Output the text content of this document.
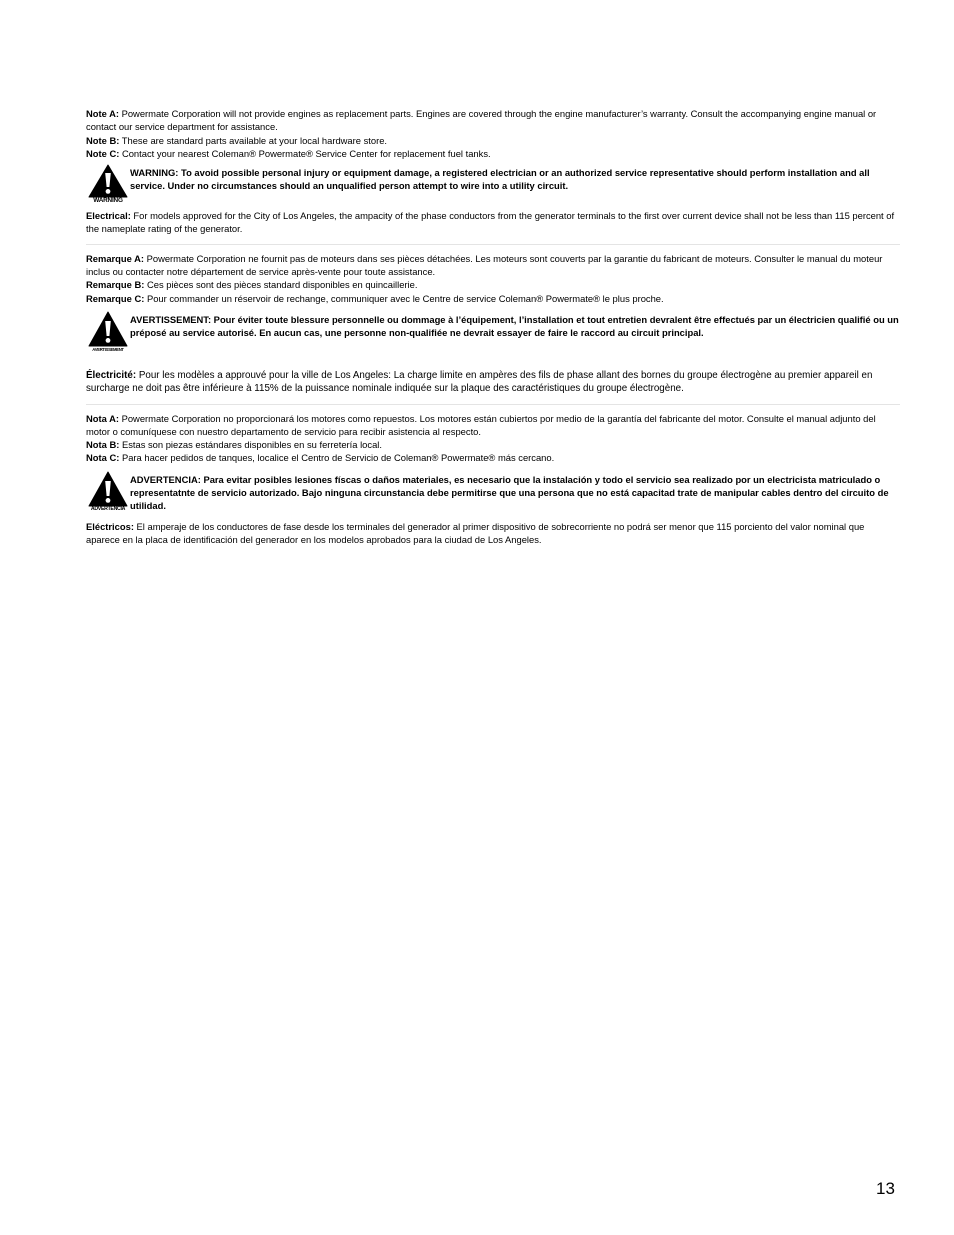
Note A: Powermate Corporation will not provide engines as replacement parts. Engines are covered through the engine manufacturer’s warranty. Consult the accompanying engine manual or contact our service department for assistance.

Note B: These are standard parts available at your local hardware store.

Note C: Contact your nearest Coleman® Powermate® Service Center for replacement fuel tanks.

WARNING
WARNING: To avoid possible personal injury or equipment damage, a registered electrician or an authorized service representative should perform installation and all service. Under no circumstances should an unqualified person attempt to wire into a utility circuit.

Electrical: For models approved for the City of Los Angeles, the ampacity of the phase conductors from the generator terminals to the first over current device shall not be less than 115 percent of the nameplate rating of the generator.

Remarque A: Powermate Corporation ne fournit pas de moteurs dans ses pièces détachées. Les moteurs sont couverts par la garantie du fabricant de moteurs. Consulter le manual du moteur inclus ou contacter notre département de service après-vente pour toute assistance.

Remarque B: Ces pièces sont des pièces standard disponibles en quincaillerie.

Remarque C: Pour commander un réservoir de rechange, communiquer avec le Centre de service Coleman® Powermate® le plus proche.

AVERTISSEMENT
AVERTISSEMENT: Pour éviter toute blessure personnelle ou dommage à l’équipement, l’installation et tout entretien devralent être effectués par un électricien qualifié ou un préposé au service autorisé. En aucun cas, une personne non-qualifiée ne devrait essayer de faire le raccord au circuit principal.

Électricité: Pour les modèles a approuvé pour la ville de Los Angeles: La charge limite en ampères des fils de phase allant des bornes du groupe électrogène au premier appareil en surcharge ne doit pas être inférieure à 115% de la puissance nominale indiquée sur la plaque des caractéristiques du groupe électrogène.

Nota A: Powermate Corporation no proporcionará los motores como repuestos. Los motores están cubiertos por medio de la garantía del fabricante del motor. Consulte el manual adjunto del motor o comuníquese con nuestro departamento de servicio para recibir asistencia al respecto.

Nota B: Estas son piezas estándares disponibles en su ferretería local.

Nota C: Para hacer pedidos de tanques, localice el Centro de Servicio de Coleman® Powermate® más cercano.

ADVERTENCIA
ADVERTENCIA: Para evitar posibles lesiones físcas o daños materiales, es necesario que la instalación y todo el servicio sea realizado por un electricista matriculado o representatnte de servicio autorizado. Bajo ninguna circunstancia debe permitirse que una persona que no está capacitad trate de manipular cables dentro del circuito de utilidad.

Eléctricos: El amperaje de los conductores de fase desde los terminales del generador al primer dispositivo de sobrecorriente no podrá ser menor que 115 porciento del valor nominal que aparece en la placa de identificación del generador en los modelos aprobados para la ciudad de Los Angeles.

13
